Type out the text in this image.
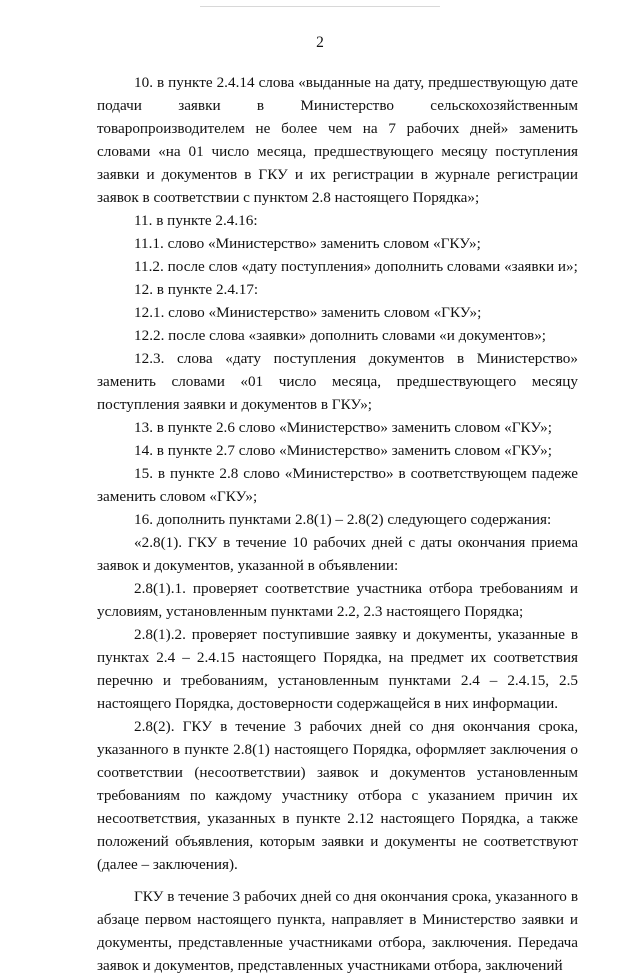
2

10. в пункте 2.4.14 слова «выданные на дату, предшествующую дате подачи заявки в Министерство сельскохозяйственным товаропроизводителем не более чем на 7 рабочих дней» заменить словами «на 01 число месяца, предшествующего месяцу поступления заявки и документов в ГКУ и их регистрации в журнале регистрации заявок в соответствии с пунктом 2.8 настоящего Порядка»;

11. в пункте 2.4.16:

11.1. слово «Министерство» заменить словом «ГКУ»;

11.2. после слов «дату поступления» дополнить словами «заявки и»;

12. в пункте 2.4.17:

12.1. слово «Министерство» заменить словом «ГКУ»;

12.2. после слова «заявки» дополнить словами «и документов»;

12.3. слова «дату поступления документов в Министерство» заменить словами «01 число месяца, предшествующего месяцу поступления заявки и документов в ГКУ»;

13. в пункте 2.6 слово «Министерство» заменить словом «ГКУ»;

14. в пункте 2.7 слово «Министерство» заменить словом «ГКУ»;

15. в пункте 2.8 слово «Министерство» в соответствующем падеже заменить словом «ГКУ»;

16. дополнить пунктами 2.8(1) – 2.8(2) следующего содержания:

«2.8(1). ГКУ в течение 10 рабочих дней с даты окончания приема заявок и документов, указанной в объявлении:

2.8(1).1. проверяет соответствие участника отбора требованиям и условиям, установленным пунктами 2.2, 2.3 настоящего Порядка;

2.8(1).2. проверяет поступившие заявку и документы, указанные в пунктах 2.4 – 2.4.15 настоящего Порядка, на предмет их соответствия перечню и требованиям, установленным пунктами 2.4 – 2.4.15, 2.5 настоящего Порядка, достоверности содержащейся в них информации.

2.8(2). ГКУ в течение 3 рабочих дней со дня окончания срока, указанного в пункте 2.8(1) настоящего Порядка, оформляет заключения о соответствии (несоответствии) заявок и документов установленным требованиям по каждому участнику отбора с указанием причин их несоответствия, указанных в пункте 2.12 настоящего Порядка, а также положений объявления, которым заявки и документы не соответствуют (далее – заключения).

ГКУ в течение 3 рабочих дней со дня окончания срока, указанного в абзаце первом настоящего пункта, направляет в Министерство заявки и документы, представленные участниками отбора, заключения. Передача заявок и документов, представленных участниками отбора, заключений
